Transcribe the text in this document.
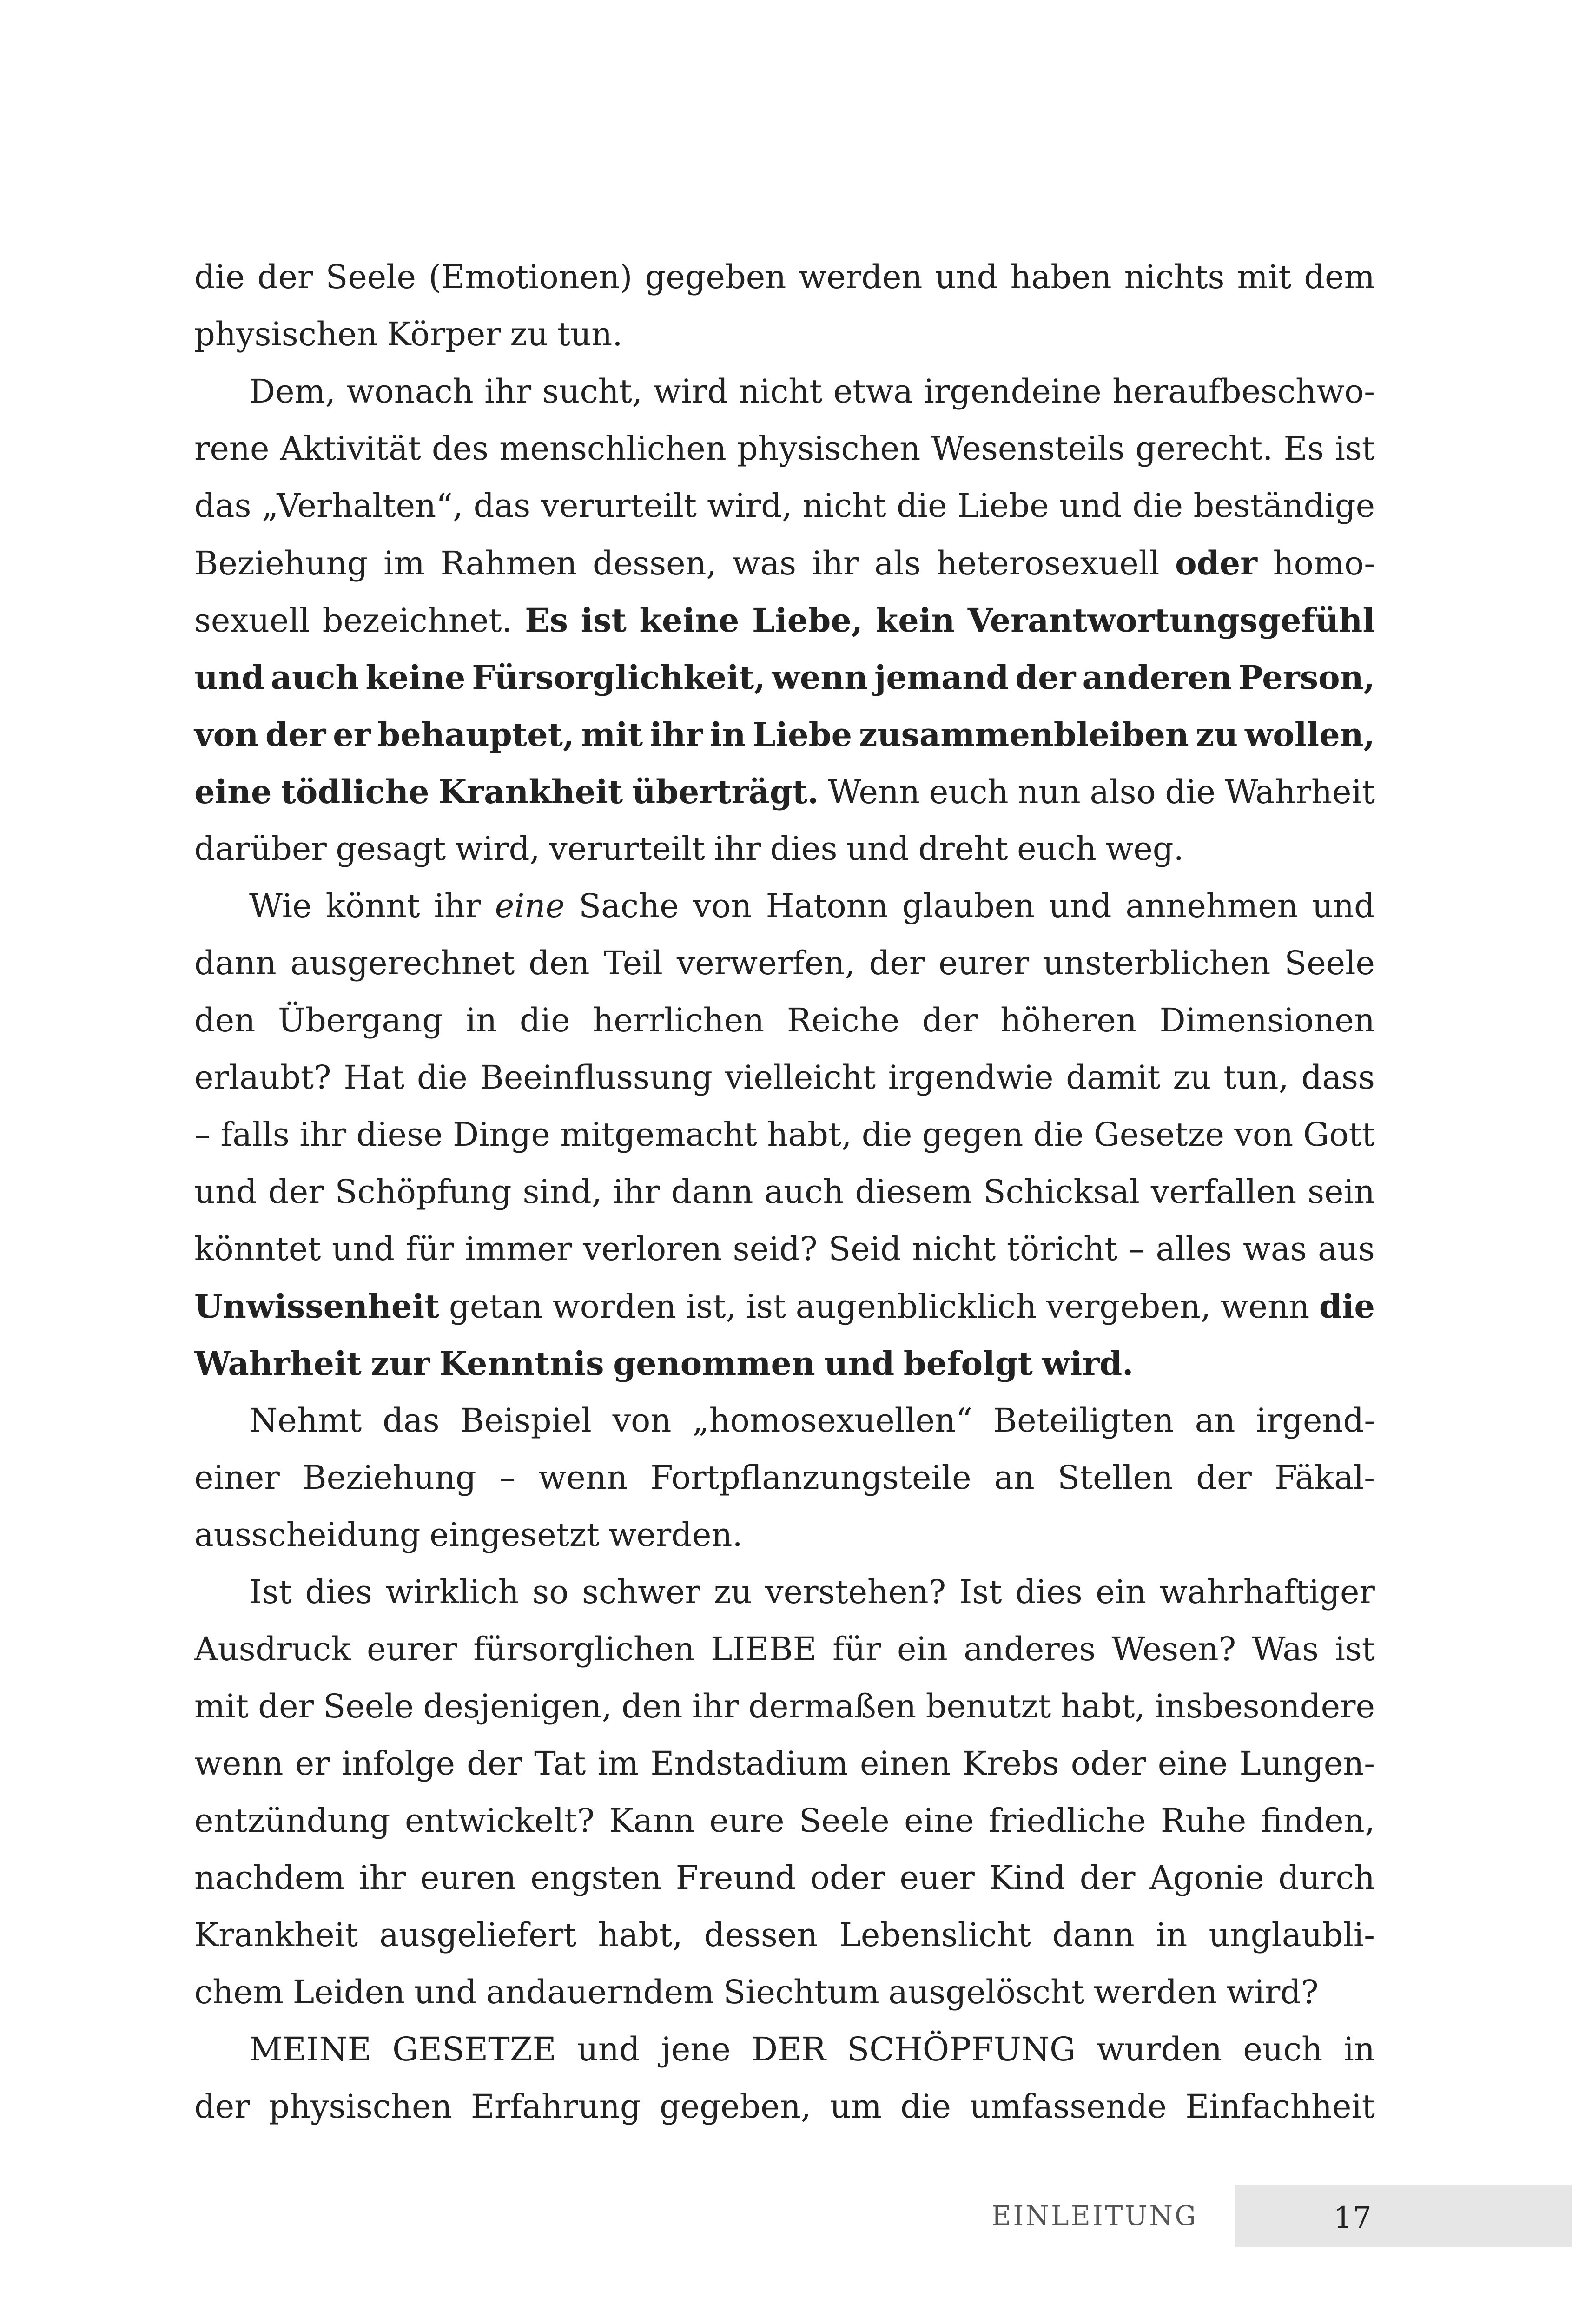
die der Seele (Emotionen) gegeben werden und haben nichts mit dem
physischen Körper zu tun.
Dem, wonach ihr sucht, wird nicht etwa irgendeine heraufbeschwo-
rene Aktivität des menschlichen physischen Wesensteils gerecht. Es ist
das „Verhalten“, das verurteilt wird, nicht die Liebe und die beständige
Beziehung im Rahmen dessen, was ihr als heterosexuell oder homo-
sexuell bezeichnet. Es ist keine Liebe, kein Verantwortungsgefühl
und auch keine Fürsorglichkeit, wenn jemand der anderen Person,
von der er behauptet, mit ihr in Liebe zusammenbleiben zu wollen,
eine tödliche Krankheit überträgt. Wenn euch nun also die Wahrheit
darüber gesagt wird, verurteilt ihr dies und dreht euch weg.
Wie könnt ihr eine Sache von Hatonn glauben und annehmen und
dann ausgerechnet den Teil verwerfen, der eurer unsterblichen Seele
den Übergang in die herrlichen Reiche der höheren Dimensionen
erlaubt? Hat die Beeinflussung vielleicht irgendwie damit zu tun, dass
– falls ihr diese Dinge mitgemacht habt, die gegen die Gesetze von Gott
und der Schöpfung sind, ihr dann auch diesem Schicksal verfallen sein
könntet und für immer verloren seid? Seid nicht töricht – alles was aus
Unwissenheit getan worden ist, ist augenblicklich vergeben, wenn die
Wahrheit zur Kenntnis genommen und befolgt wird.
Nehmt das Beispiel von „homosexuellen“ Beteiligten an irgend-
einer Beziehung – wenn Fortpflanzungsteile an Stellen der Fäkal-
ausscheidung eingesetzt werden.
Ist dies wirklich so schwer zu verstehen? Ist dies ein wahrhaftiger
Ausdruck eurer fürsorglichen LIEBE für ein anderes Wesen? Was ist
mit der Seele desjenigen, den ihr dermaßen benutzt habt, insbesondere
wenn er infolge der Tat im Endstadium einen Krebs oder eine Lungen-
entzündung entwickelt? Kann eure Seele eine friedliche Ruhe finden,
nachdem ihr euren engsten Freund oder euer Kind der Agonie durch
Krankheit ausgeliefert habt, dessen Lebenslicht dann in unglaubli-
chem Leiden und andauerndem Siechtum ausgelöscht werden wird?
MEINE GESETZE und jene DER SCHÖPFUNG wurden euch in
der physischen Erfahrung gegeben, um die umfassende Einfachheit
EINLEITUNG	17
